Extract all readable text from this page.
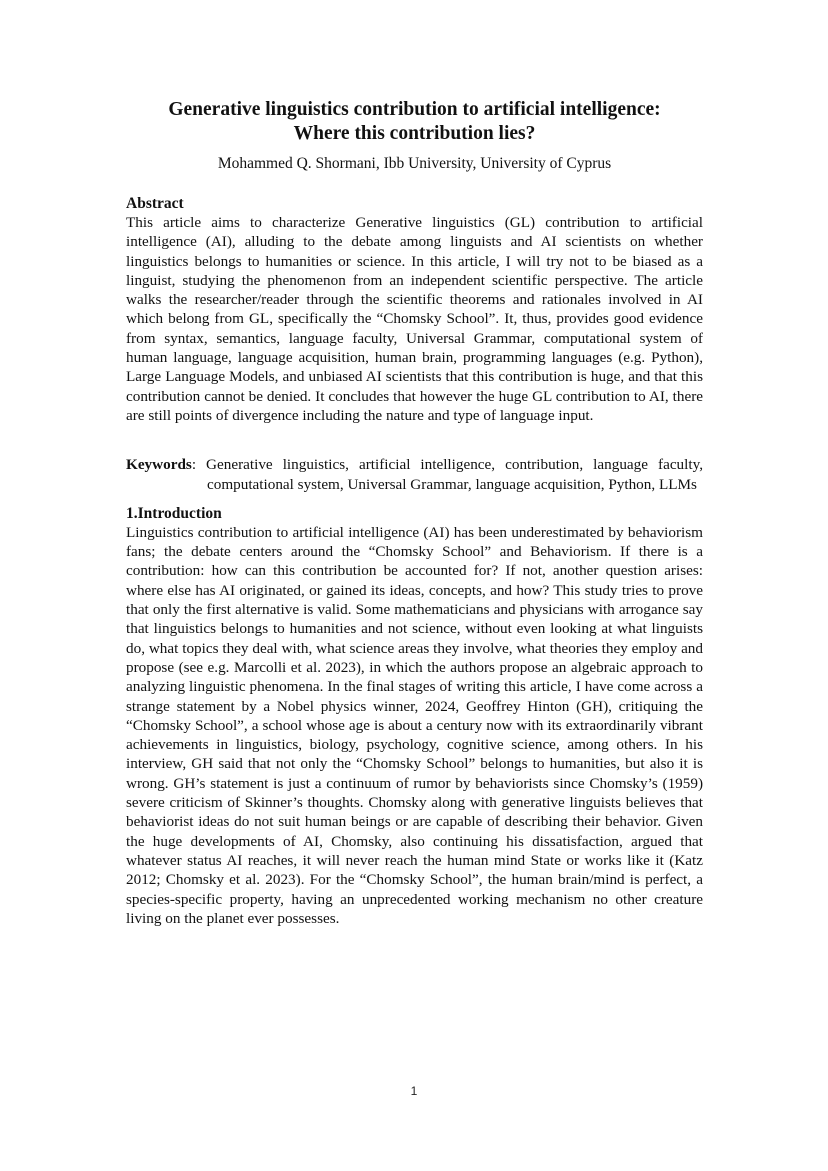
Generative linguistics contribution to artificial intelligence:
Where this contribution lies?
Mohammed Q. Shormani, Ibb University, University of Cyprus
Abstract

This article aims to characterize Generative linguistics (GL) contribution to artificial intelligence (AI), alluding to the debate among linguists and AI scientists on whether linguistics belongs to humanities or science. In this article, I will try not to be biased as a linguist, studying the phenomenon from an independent scientific perspective. The article walks the researcher/reader through the scientific theorems and rationales involved in AI which belong from GL, specifically the “Chomsky School”. It, thus, provides good evidence from syntax, semantics, language faculty, Universal Grammar, computational system of human language, language acquisition, human brain, programming languages (e.g. Python), Large Language Models, and unbiased AI scientists that this contribution is huge, and that this contribution cannot be denied. It concludes that however the huge GL contribution to AI, there are still points of divergence including the nature and type of language input.

Keywords: Generative linguistics, artificial intelligence, contribution, language faculty, computational system, Universal Grammar, language acquisition, Python, LLMs
1.Introduction

Linguistics contribution to artificial intelligence (AI) has been underestimated by behaviorism fans; the debate centers around the “Chomsky School” and Behaviorism. If there is a contribution: how can this contribution be accounted for? If not, another question arises: where else has AI originated, or gained its ideas, concepts, and how? This study tries to prove that only the first alternative is valid. Some mathematicians and physicians with arrogance say that linguistics belongs to humanities and not science, without even looking at what linguists do, what topics they deal with, what science areas they involve, what theories they employ and propose (see e.g. Marcolli et al. 2023), in which the authors propose an algebraic approach to analyzing linguistic phenomena. In the final stages of writing this article, I have come across a strange statement by a Nobel physics winner, 2024, Geoffrey Hinton (GH), critiquing the “Chomsky School”, a school whose age is about a century now with its extraordinarily vibrant achievements in linguistics, biology, psychology, cognitive science, among others. In his interview, GH said that not only the “Chomsky School” belongs to humanities, but also it is wrong. GH’s statement is just a continuum of rumor by behaviorists since Chomsky’s (1959) severe criticism of Skinner’s thoughts. Chomsky along with generative linguists believes that behaviorist ideas do not suit human beings or are capable of describing their behavior. Given the huge developments of AI, Chomsky, also continuing his dissatisfaction, argued that whatever status AI reaches, it will never reach the human mind State or works like it (Katz 2012; Chomsky et al. 2023). For the “Chomsky School”, the human brain/mind is perfect, a species-specific property, having an unprecedented working mechanism no other creature living on the planet ever possesses.

1
